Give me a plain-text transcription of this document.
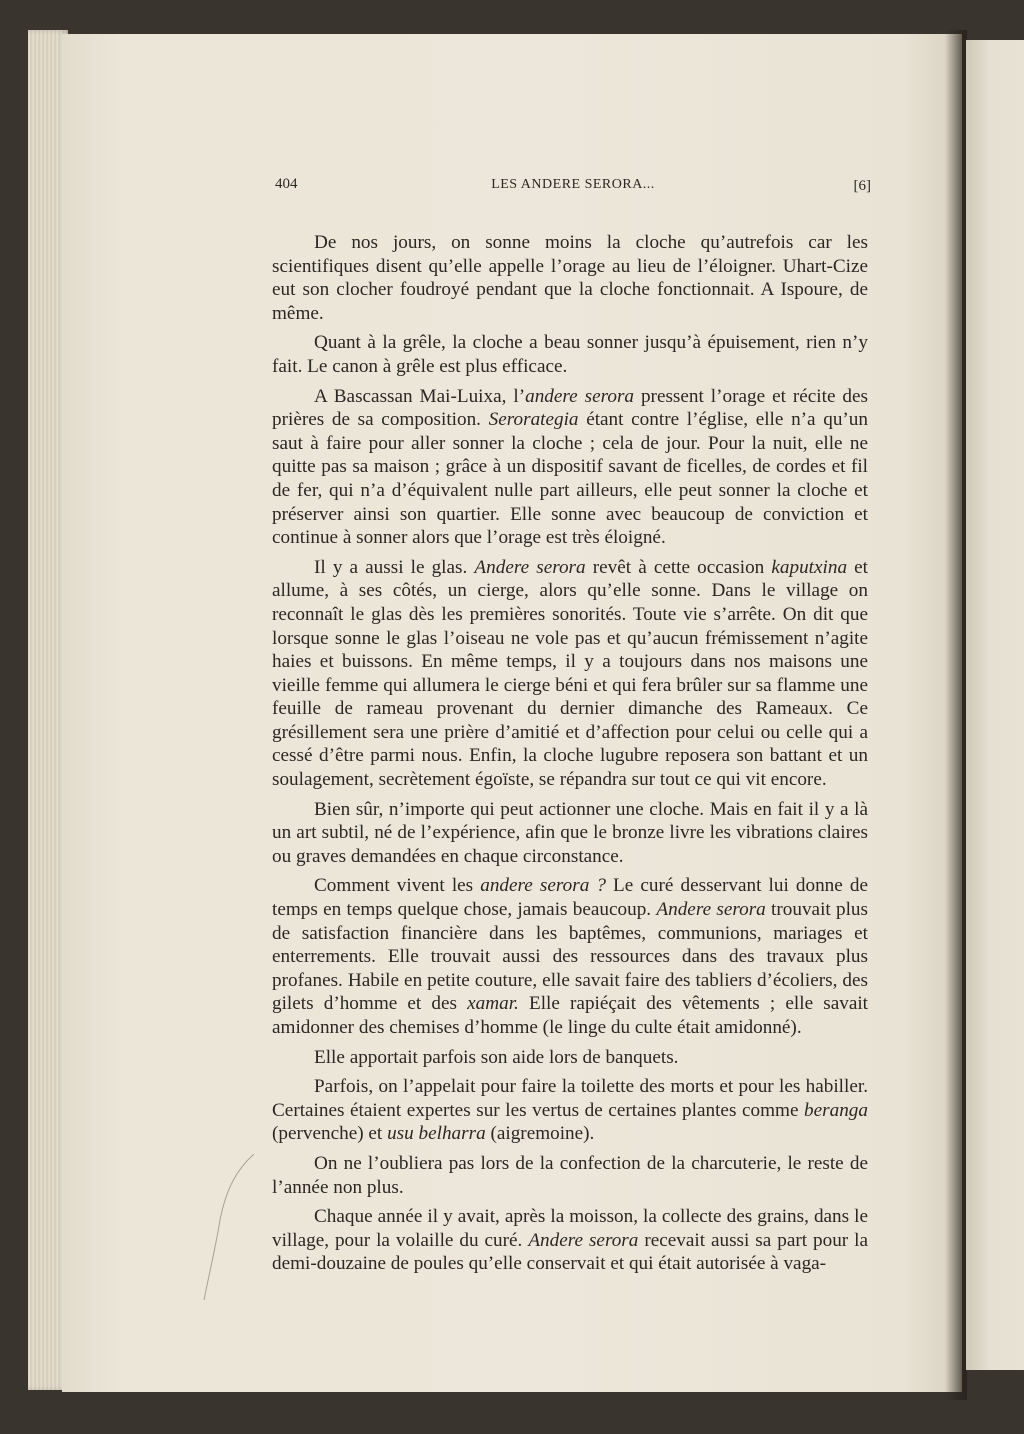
404	LES ANDERE SERORA...	[6]

De nos jours, on sonne moins la cloche qu’autrefois car les scientifiques disent qu’elle appelle l’orage au lieu de l’éloigner. Uhart-Cize eut son clocher foudroyé pendant que la cloche fonctionnait. A Ispoure, de même.

Quant à la grêle, la cloche a beau sonner jusqu’à épuisement, rien n’y fait. Le canon à grêle est plus efficace.

A Bascassan Mai-Luixa, l’andere serora pressent l’orage et récite des prières de sa composition. Serorategia étant contre l’église, elle n’a qu’un saut à faire pour aller sonner la cloche ; cela de jour. Pour la nuit, elle ne quitte pas sa maison ; grâce à un dispositif savant de ficelles, de cordes et fil de fer, qui n’a d’équivalent nulle part ailleurs, elle peut sonner la cloche et préserver ainsi son quartier. Elle sonne avec beaucoup de conviction et continue à sonner alors que l’orage est très éloigné.

Il y a aussi le glas. Andere serora revêt à cette occasion kaputxina et allume, à ses côtés, un cierge, alors qu’elle sonne. Dans le village on reconnaît le glas dès les premières sonorités. Toute vie s’arrête. On dit que lorsque sonne le glas l’oiseau ne vole pas et qu’aucun frémissement n’agite haies et buissons. En même temps, il y a toujours dans nos maisons une vieille femme qui allumera le cierge béni et qui fera brûler sur sa flamme une feuille de rameau provenant du dernier dimanche des Rameaux. Ce grésillement sera une prière d’amitié et d’affection pour celui ou celle qui a cessé d’être parmi nous. Enfin, la cloche lugubre reposera son battant et un soulagement, secrètement égoïste, se répandra sur tout ce qui vit encore.

Bien sûr, n’importe qui peut actionner une cloche. Mais en fait il y a là un art subtil, né de l’expérience, afin que le bronze livre les vibrations claires ou graves demandées en chaque circonstance.

Comment vivent les andere serora ? Le curé desservant lui donne de temps en temps quelque chose, jamais beaucoup. Andere serora trouvait plus de satisfaction financière dans les baptêmes, communions, mariages et enterrements. Elle trouvait aussi des ressources dans des travaux plus profanes. Habile en petite couture, elle savait faire des tabliers d’écoliers, des gilets d’homme et des xamar. Elle rapiéçait des vêtements ; elle savait amidonner des chemises d’homme (le linge du culte était amidonné).

Elle apportait parfois son aide lors de banquets.

Parfois, on l’appelait pour faire la toilette des morts et pour les habiller. Certaines étaient expertes sur les vertus de certaines plantes comme beranga (pervenche) et usu belharra (aigremoine).

On ne l’oubliera pas lors de la confection de la charcuterie, le reste de l’année non plus.

Chaque année il y avait, après la moisson, la collecte des grains, dans le village, pour la volaille du curé. Andere serora recevait aussi sa part pour la demi-douzaine de poules qu’elle conservait et qui était autorisée à vaga-
